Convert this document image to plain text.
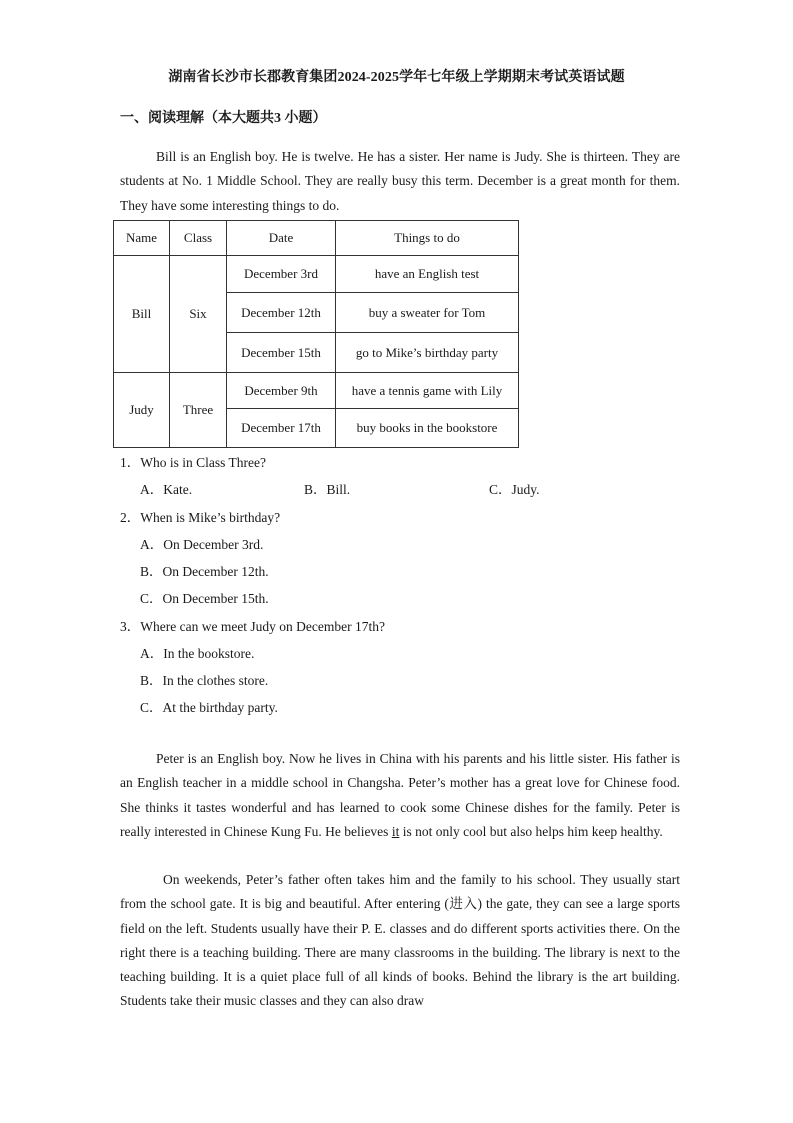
湖南省长沙市长郡教育集团2024-2025学年七年级上学期期末考试英语试题
一、阅读理解（本大题共3 小题）

Bill is an English boy. He is twelve. He has a sister. Her name is Judy. She is thirteen. They are students at No. 1 Middle School. They are really busy this term. December is a great month for them. They have some interesting things to do.

Name	Class	Date	Things to do
Bill	Six	December 3rd	have an English test
		December 12th	buy a sweater for Tom
		December 15th	go to Mike’s birthday party
Judy	Three	December 9th	have a tennis game with Lily
		December 17th	buy books in the bookstore
1．Who is in Class Three?
A．Kate.	B．Bill.	C．Judy.
2．When is Mike’s birthday?
A．On December 3rd.
B．On December 12th.
C．On December 15th.
3．Where can we meet Judy on December 17th?
A．In the bookstore.
B．In the clothes store.
C．At the birthday party.

Peter is an English boy. Now he lives in China with his parents and his little sister. His father is an English teacher in a middle school in Changsha. Peter’s mother has a great love for Chinese food. She thinks it tastes wonderful and has learned to cook some Chinese dishes for the family. Peter is really interested in Chinese Kung Fu. He believes it is not only cool but also helps him keep healthy.

On weekends, Peter’s father often takes him and the family to his school. They usually start from the school gate. It is big and beautiful. After entering (进入) the gate, they can see a large sports field on the left. Students usually have their P. E. classes and do different sports activities there. On the right there is a teaching building. There are many classrooms in the building. The library is next to the teaching building. It is a quiet place full of all kinds of books. Behind the library is the art building. Students take their music classes and they can also draw
